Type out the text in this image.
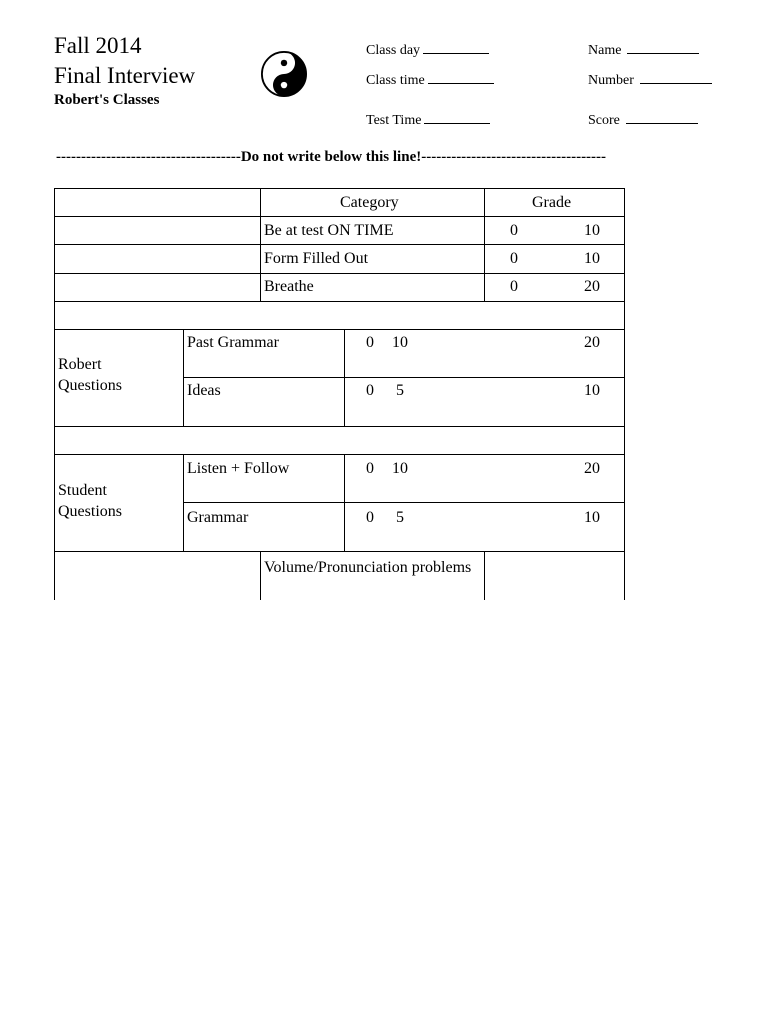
Fall 2014
Final Interview
Robert's Classes
Class day
Class time
Test Time
Name
Number
Score
-------------------------------------Do not write below this line!-------------------------------------
Category	Grade
Be at test ON TIME	0	10
Form Filled Out	0	10
Breathe	0	20
Robert Questions
Past Grammar	0 10	20
Ideas	0 5	10
Student Questions
Listen + Follow	0 10	20
Grammar	0 5	10
Volume/Pronunciation problems
